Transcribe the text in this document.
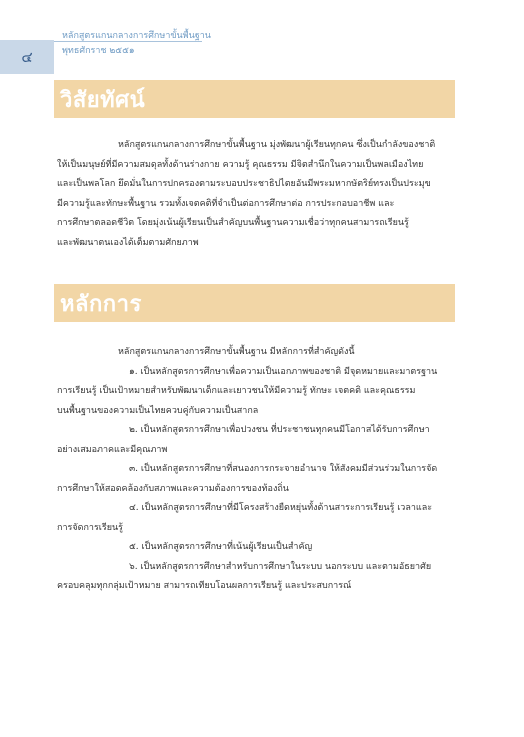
หลักสูตรแกนกลางการศึกษาขั้นพื้นฐาน
พุทธศักราช ๒๕๕๑
๔
วิสัยทัศน์
หลักสูตรแกนกลางการศึกษาขั้นพื้นฐาน มุ่งพัฒนาผู้เรียนทุกคน ซึ่งเป็นกำลังของชาติ
ให้เป็นมนุษย์ที่มีความสมดุลทั้งด้านร่างกาย ความรู้ คุณธรรม มีจิตสำนึกในความเป็นพลเมืองไทย
และเป็นพลโลก ยึดมั่นในการปกครองตามระบอบประชาธิปไตยอันมีพระมหากษัตริย์ทรงเป็นประมุข
มีความรู้และทักษะพื้นฐาน รวมทั้งเจตคติที่จำเป็นต่อการศึกษาต่อ การประกอบอาชีพ และ
การศึกษาตลอดชีวิต โดยมุ่งเน้นผู้เรียนเป็นสำคัญบนพื้นฐานความเชื่อว่าทุกคนสามารถเรียนรู้
และพัฒนาตนเองได้เต็มตามศักยภาพ
หลักการ
หลักสูตรแกนกลางการศึกษาขั้นพื้นฐาน มีหลักการที่สำคัญดังนี้
๑. เป็นหลักสูตรการศึกษาเพื่อความเป็นเอกภาพของชาติ มีจุดหมายและมาตรฐาน
การเรียนรู้ เป็นเป้าหมายสำหรับพัฒนาเด็กและเยาวชนให้มีความรู้ ทักษะ เจตคติ และคุณธรรม
บนพื้นฐานของความเป็นไทยควบคู่กับความเป็นสากล
๒. เป็นหลักสูตรการศึกษาเพื่อปวงชน ที่ประชาชนทุกคนมีโอกาสได้รับการศึกษา
อย่างเสมอภาคและมีคุณภาพ
๓. เป็นหลักสูตรการศึกษาที่สนองการกระจายอำนาจ ให้สังคมมีส่วนร่วมในการจัด
การศึกษาให้สอดคล้องกับสภาพและความต้องการของท้องถิ่น
๔. เป็นหลักสูตรการศึกษาที่มีโครงสร้างยืดหยุ่นทั้งด้านสาระการเรียนรู้ เวลาและ
การจัดการเรียนรู้
๕. เป็นหลักสูตรการศึกษาที่เน้นผู้เรียนเป็นสำคัญ
๖. เป็นหลักสูตรการศึกษาสำหรับการศึกษาในระบบ นอกระบบ และตามอัธยาศัย
ครอบคลุมทุกกลุ่มเป้าหมาย สามารถเทียบโอนผลการเรียนรู้ และประสบการณ์
